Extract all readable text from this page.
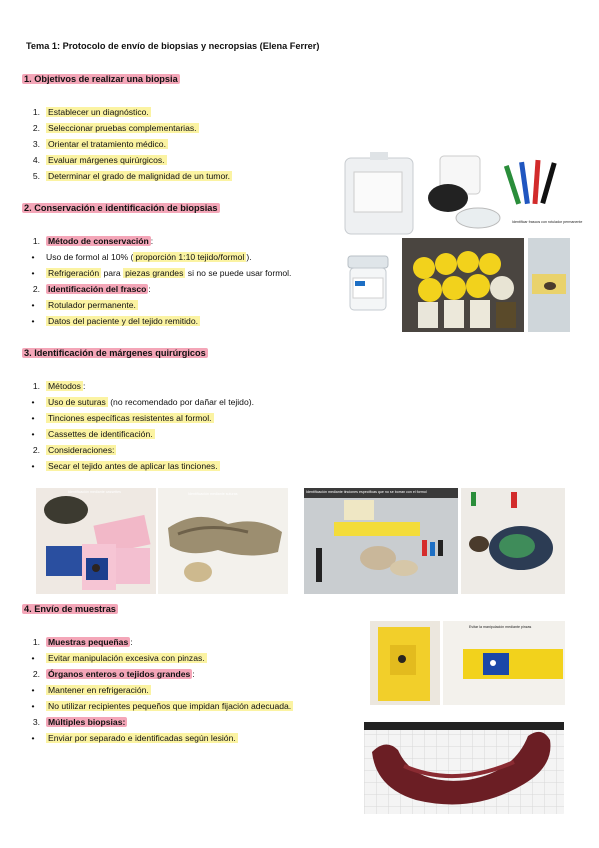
Tema 1: Protocolo de envío de biopsias y necropsias (Elena Ferrer)
1. Objetivos de realizar una biopsia
1. Establecer un diagnóstico.
2. Seleccionar pruebas complementarias.
3. Orientar el tratamiento médico.
4. Evaluar márgenes quirúrgicos.
5. Determinar el grado de malignidad de un tumor.
2. Conservación e identificación de biopsias
1. Método de conservación :
• Uso de formol al 10% ( proporción 1:10 tejido/formol ).
• Refrigeración para piezas grandes si no se puede usar formol.
2. Identificación del frasco :
• Rotulador permanente.
• Datos del paciente y del tejido remitido.
3. Identificación de márgenes quirúrgicos
1. Métodos :
• Uso de suturas (no recomendado por dañar el tejido).
• Tinciones específicas resistentes al formol.
• Cassettes de identificación.
2. Consideraciones:
• Secar el tejido antes de aplicar las tinciones.
4. Envío de muestras
1. Muestras pequeñas :
• Evitar manipulación excesiva con pinzas.
2. Órganos enteros o tejidos grandes :
• Mantener en refrigeración.
• No utilizar recipientes pequeños que impidan fijación adecuada.
3. Múltiples biopsias:
• Enviar por separado e identificadas según lesión.
Identificar frascos con rotulador permanente
Identificación mediante cassettes	Identificación mediante suturas	Identificación mediante tinciones específicas que no se borran con el formol
Evitar la manipulación mediante pinzas
